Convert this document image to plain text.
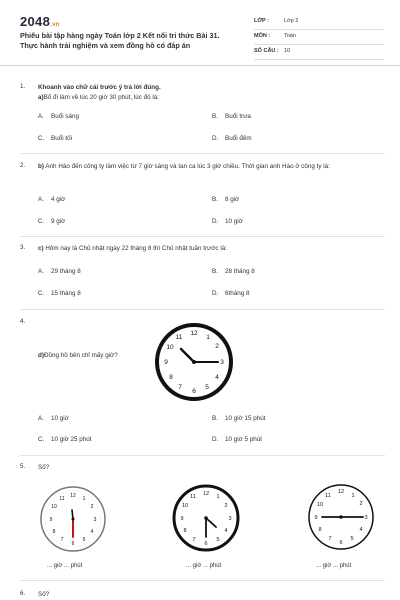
2048.vn
Phiếu bài tập hàng ngày Toán lớp 2 Kết nối tri thức Bài 31.
Thực hành trải nghiệm và xem đồng hồ có đáp án
LỚP :	Lớp 2
MÔN :	Toán
SỐ CÂU : 10
1. Khoanh vào chữ cái trước ý trả lời đúng.
a)Bố đi làm về lúc 20 giờ 30 phút, lúc đó là:
A. Buổi sáng	B. Buổi trưa
C. Buổi tối	D. Buổi đêm
2. b) Anh Hào đến công ty làm việc từ 7 giờ sáng và tan ca lúc 3 giờ chiều. Thời gian anh Hào ở công ty là:
A. 4 giờ	B. 8 giờ
C. 9 giờ	D. 10 giờ
3. c) Hôm nay là Chủ nhật ngày 22 tháng 8 thì Chủ nhật tuần trước là:
A. 29 tháng 8	B. 28 tháng 8
C. 15 tháng 8	D. 6tháng 8
4.
d)Đồng hồ bên chỉ mấy giờ?
12
1
2
3
4
5
6
7
8
9
10
11
A. 10 giờ	B. 10 giờ 15 phút
C. 10 giờ 25 phút	D. 10 giờ 5 phút
5. Số?
12 1
2
3
4
5
6
7
8
9
10
11
12 1
2
3
4
5
6
7
8
9
10
11
12
1
2
3
4
5
6
7
8
9
10
11
... giờ ... phút	... giờ ... phút	... giờ ... phút
6. Số?
